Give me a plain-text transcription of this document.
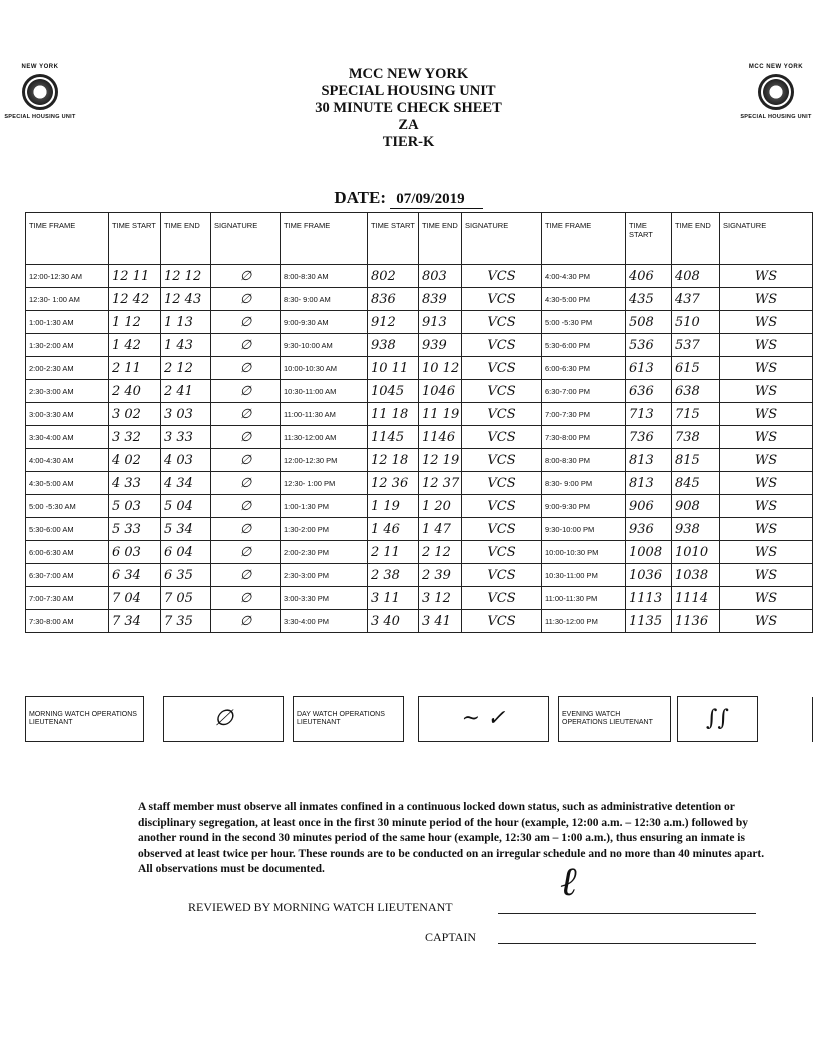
NEW YORK
SPECIAL HOUSING UNIT
MCC NEW YORK
SPECIAL HOUSING UNIT
MCC NEW YORK
SPECIAL HOUSING UNIT
30 MINUTE CHECK SHEET
ZA
TIER-K
DATE: 07/09/2019
TIME FRAME	TIME START	TIME END	SIGNATURE	TIME FRAME	TIME START	TIME END	SIGNATURE	TIME FRAME	TIME START	TIME END	SIGNATURE
12:00-12:30 AM	12 11	12 12	∅	8:00-8:30 AM	802	803	VCS	4:00-4:30 PM	406	408	WS
12:30- 1:00 AM	12 42	12 43	∅	8:30- 9:00 AM	836	839	VCS	4:30-5:00 PM	435	437	WS
1:00-1:30 AM	1 12	1 13	∅	9:00-9:30 AM	912	913	VCS	5:00 -5:30 PM	508	510	WS
1:30-2:00 AM	1 42	1 43	∅	9:30-10:00 AM	938	939	VCS	5:30-6:00 PM	536	537	WS
2:00-2:30 AM	2 11	2 12	∅	10:00-10:30 AM	10 11	10 12	VCS	6:00-6:30 PM	613	615	WS
2:30-3:00 AM	2 40	2 41	∅	10:30-11:00 AM	1045	1046	VCS	6:30-7:00 PM	636	638	WS
3:00-3:30 AM	3 02	3 03	∅	11:00-11:30 AM	11 18	11 19	VCS	7:00-7:30 PM	713	715	WS
3:30-4:00 AM	3 32	3 33	∅	11:30-12:00 AM	1145	1146	VCS	7:30-8:00 PM	736	738	WS
4:00-4:30 AM	4 02	4 03	∅	12:00-12:30 PM	12 18	12 19	VCS	8:00-8:30 PM	813	815	WS
4:30-5:00 AM	4 33	4 34	∅	12:30- 1:00 PM	12 36	12 37	VCS	8:30- 9:00 PM	813	845	WS
5:00 -5:30 AM	5 03	5 04	∅	1:00-1:30 PM	1 19	1 20	VCS	9:00-9:30 PM	906	908	WS
5:30-6:00 AM	5 33	5 34	∅	1:30-2:00 PM	1 46	1 47	VCS	9:30-10:00 PM	936	938	WS
6:00-6:30 AM	6 03	6 04	∅	2:00-2:30 PM	2 11	2 12	VCS	10:00-10:30 PM	1008	1010	WS
6:30-7:00 AM	6 34	6 35	∅	2:30-3:00 PM	2 38	2 39	VCS	10:30-11:00 PM	1036	1038	WS
7:00-7:30 AM	7 04	7 05	∅	3:00-3:30 PM	3 11	3 12	VCS	11:00-11:30 PM	1113	1114	WS
7:30-8:00 AM	7 34	7 35	∅	3:30-4:00 PM	3 40	3 41	VCS	11:30-12:00 PM	1135	1136	WS
MORNING WATCH OPERATIONS LIEUTENANT		∅		DAY WATCH OPERATIONS LIEUTENANT		~ ✓		EVENING WATCH OPERATIONS LIEUTENANT		∫∫	
A staff member must observe all inmates confined in a continuous locked down status, such as administrative detention or disciplinary segregation, at least once in the first 30 minute period of the hour (example, 12:00 a.m. – 12:30 a.m.) followed by another round in the second 30 minutes period of the same hour (example, 12:30 am – 1:00 a.m.), thus ensuring an inmate is observed at least twice per hour. These rounds are to be conducted on an irregular schedule and no more than 40 minutes apart. All observations must be documented.	ℓ
REVIEWED BY MORNING WATCH LIEUTENANT
CAPTAIN
